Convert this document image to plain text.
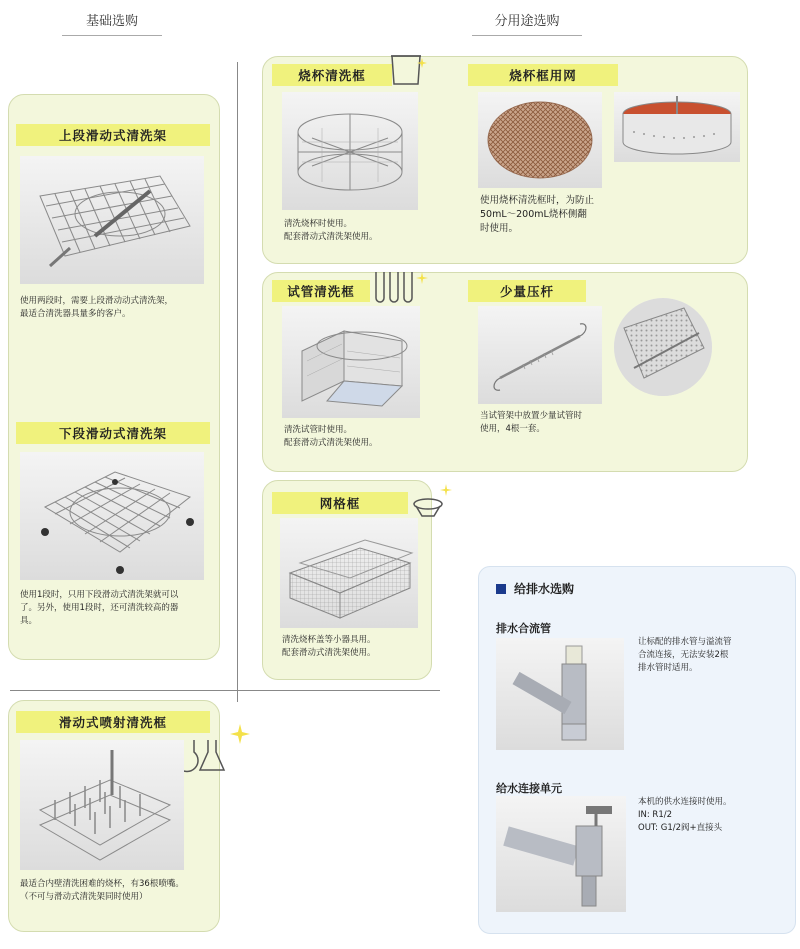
基础选购	分用途选购
上段滑动式清洗架
使用两段时，需要上段滑动动式清洗架，
最适合清洗器具量多的客户。
下段滑动式清洗架
使用1段时，只用下段滑动式清洗架就可以
了。另外，使用1段时，还可清洗较高的器
具。
滑动式喷射清洗框
最适合内壁清洗困难的烧杯，有36根喷嘴。
（不可与滑动式清洗架同时使用）
烧杯清洗框
清洗烧杯时使用。
配套滑动式清洗架使用。
烧杯框用网
使用烧杯清洗框时，为防止
50mL～200mL烧杯侧翻
时使用。
试管清洗框
清洗试管时使用。
配套滑动式清洗架使用。
少量压杆
当试管架中放置少量试管时
使用，4根一套。
网格框
清洗烧杯盖等小器具用。
配套滑动式清洗架使用。
给排水选购
排水合流管
让标配的排水管与溢流管
合流连接，无法安装2根
排水管时适用。
给水连接单元
本机的供水连接时使用。
IN: R1/2
OUT: G1/2阀+直接头
